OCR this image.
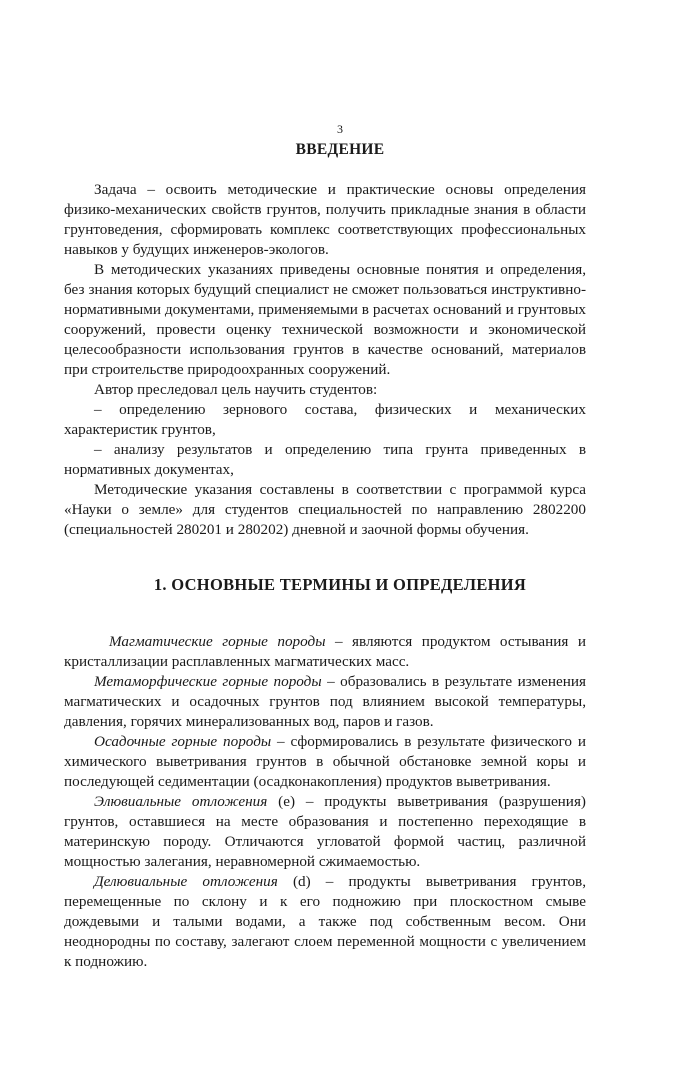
3
ВВЕДЕНИЕ

Задача – освоить методические и практические основы определения физико-механических свойств грунтов, получить прикладные знания в области грунтоведения, сформировать комплекс соответствующих профессиональных навыков у будущих инженеров-экологов.

В методических указаниях приведены основные понятия и определения, без знания которых будущий специалист не сможет пользоваться инструктивно-нормативными документами, применяемыми в расчетах оснований и грунтовых сооружений, провести оценку технической возможности и экономической целесообразности использования грунтов в качестве оснований, материалов при строительстве природоохранных сооружений.

Автор преследовал цель научить студентов:

– определению зернового состава, физических и механических характеристик грунтов,

– анализу результатов и определению типа грунта приведенных в нормативных документах,

Методические указания составлены в соответствии с программой курса «Науки о земле» для студентов специальностей по направлению 2802200 (специальностей 280201 и 280202) дневной и заочной формы обучения.

1. ОСНОВНЫЕ ТЕРМИНЫ И ОПРЕДЕЛЕНИЯ

Магматические горные породы – являются продуктом остывания и кристаллизации расплавленных магматических масс.

Метаморфические горные породы – образовались в результате изменения магматических и осадочных грунтов под влиянием высокой температуры, давления, горячих минерализованных вод, паров и газов.

Осадочные горные породы – сформировались в результате физического и химического выветривания грунтов в обычной обстановке земной коры и последующей седиментации (осадконакопления) продуктов выветривания.

Элювиальные отложения (e) – продукты выветривания (разрушения) грунтов, оставшиеся на месте образования и постепенно переходящие в материнскую породу. Отличаются угловатой формой частиц, различной мощностью залегания, неравномерной сжимаемостью.

Делювиальные отложения (d) – продукты выветривания грунтов, перемещенные по склону и к его подножию при плоскостном смыве дождевыми и талыми водами, а также под собственным весом. Они неоднородны по составу, залегают слоем переменной мощности с увеличением к подножию.
